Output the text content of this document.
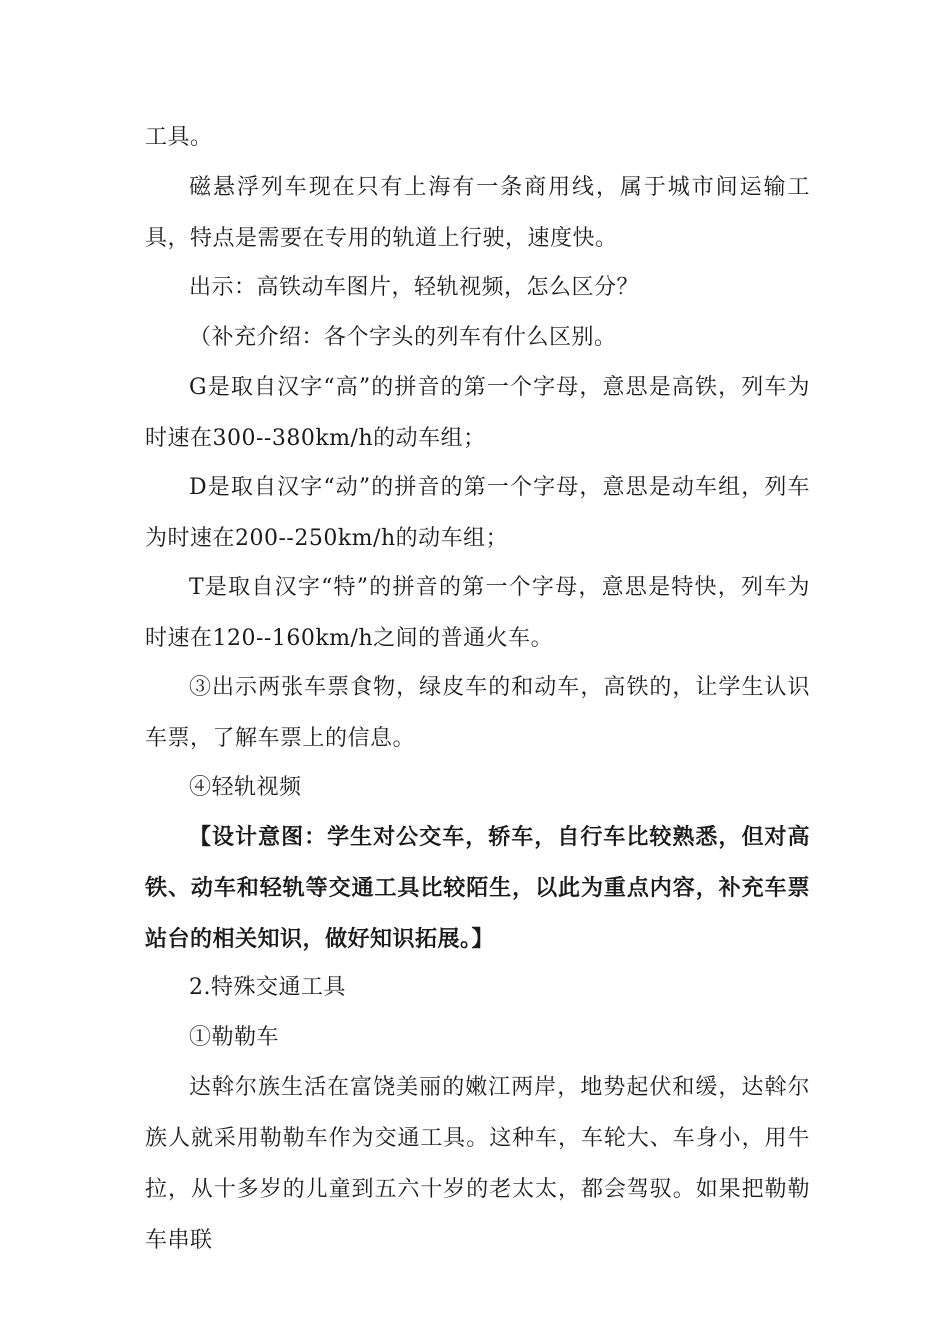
工具。

磁悬浮列车现在只有上海有一条商用线，属于城市间运输工具，特点是需要在专用的轨道上行驶，速度快。

出示：高铁动车图片，轻轨视频，怎么区分？

（补充介绍：各个字头的列车有什么区别。

G是取自汉字“高”的拼音的第一个字母，意思是高铁，列车为时速在300--380km/h的动车组；

D是取自汉字“动”的拼音的第一个字母，意思是动车组，列车为时速在200--250km/h的动车组；

T是取自汉字“特”的拼音的第一个字母，意思是特快，列车为时速在120--160km/h之间的普通火车。

③出示两张车票食物，绿皮车的和动车，高铁的，让学生认识车票，了解车票上的信息。

④轻轨视频

【设计意图：学生对公交车，轿车，自行车比较熟悉，但对高铁、动车和轻轨等交通工具比较陌生，以此为重点内容，补充车票站台的相关知识，做好知识拓展。】

2.特殊交通工具

①勒勒车

达斡尔族生活在富饶美丽的嫩江两岸，地势起伏和缓，达斡尔族人就采用勒勒车作为交通工具。这种车，车轮大、车身小，用牛拉，从十多岁的儿童到五六十岁的老太太，都会驾驭。如果把勒勒车串联
